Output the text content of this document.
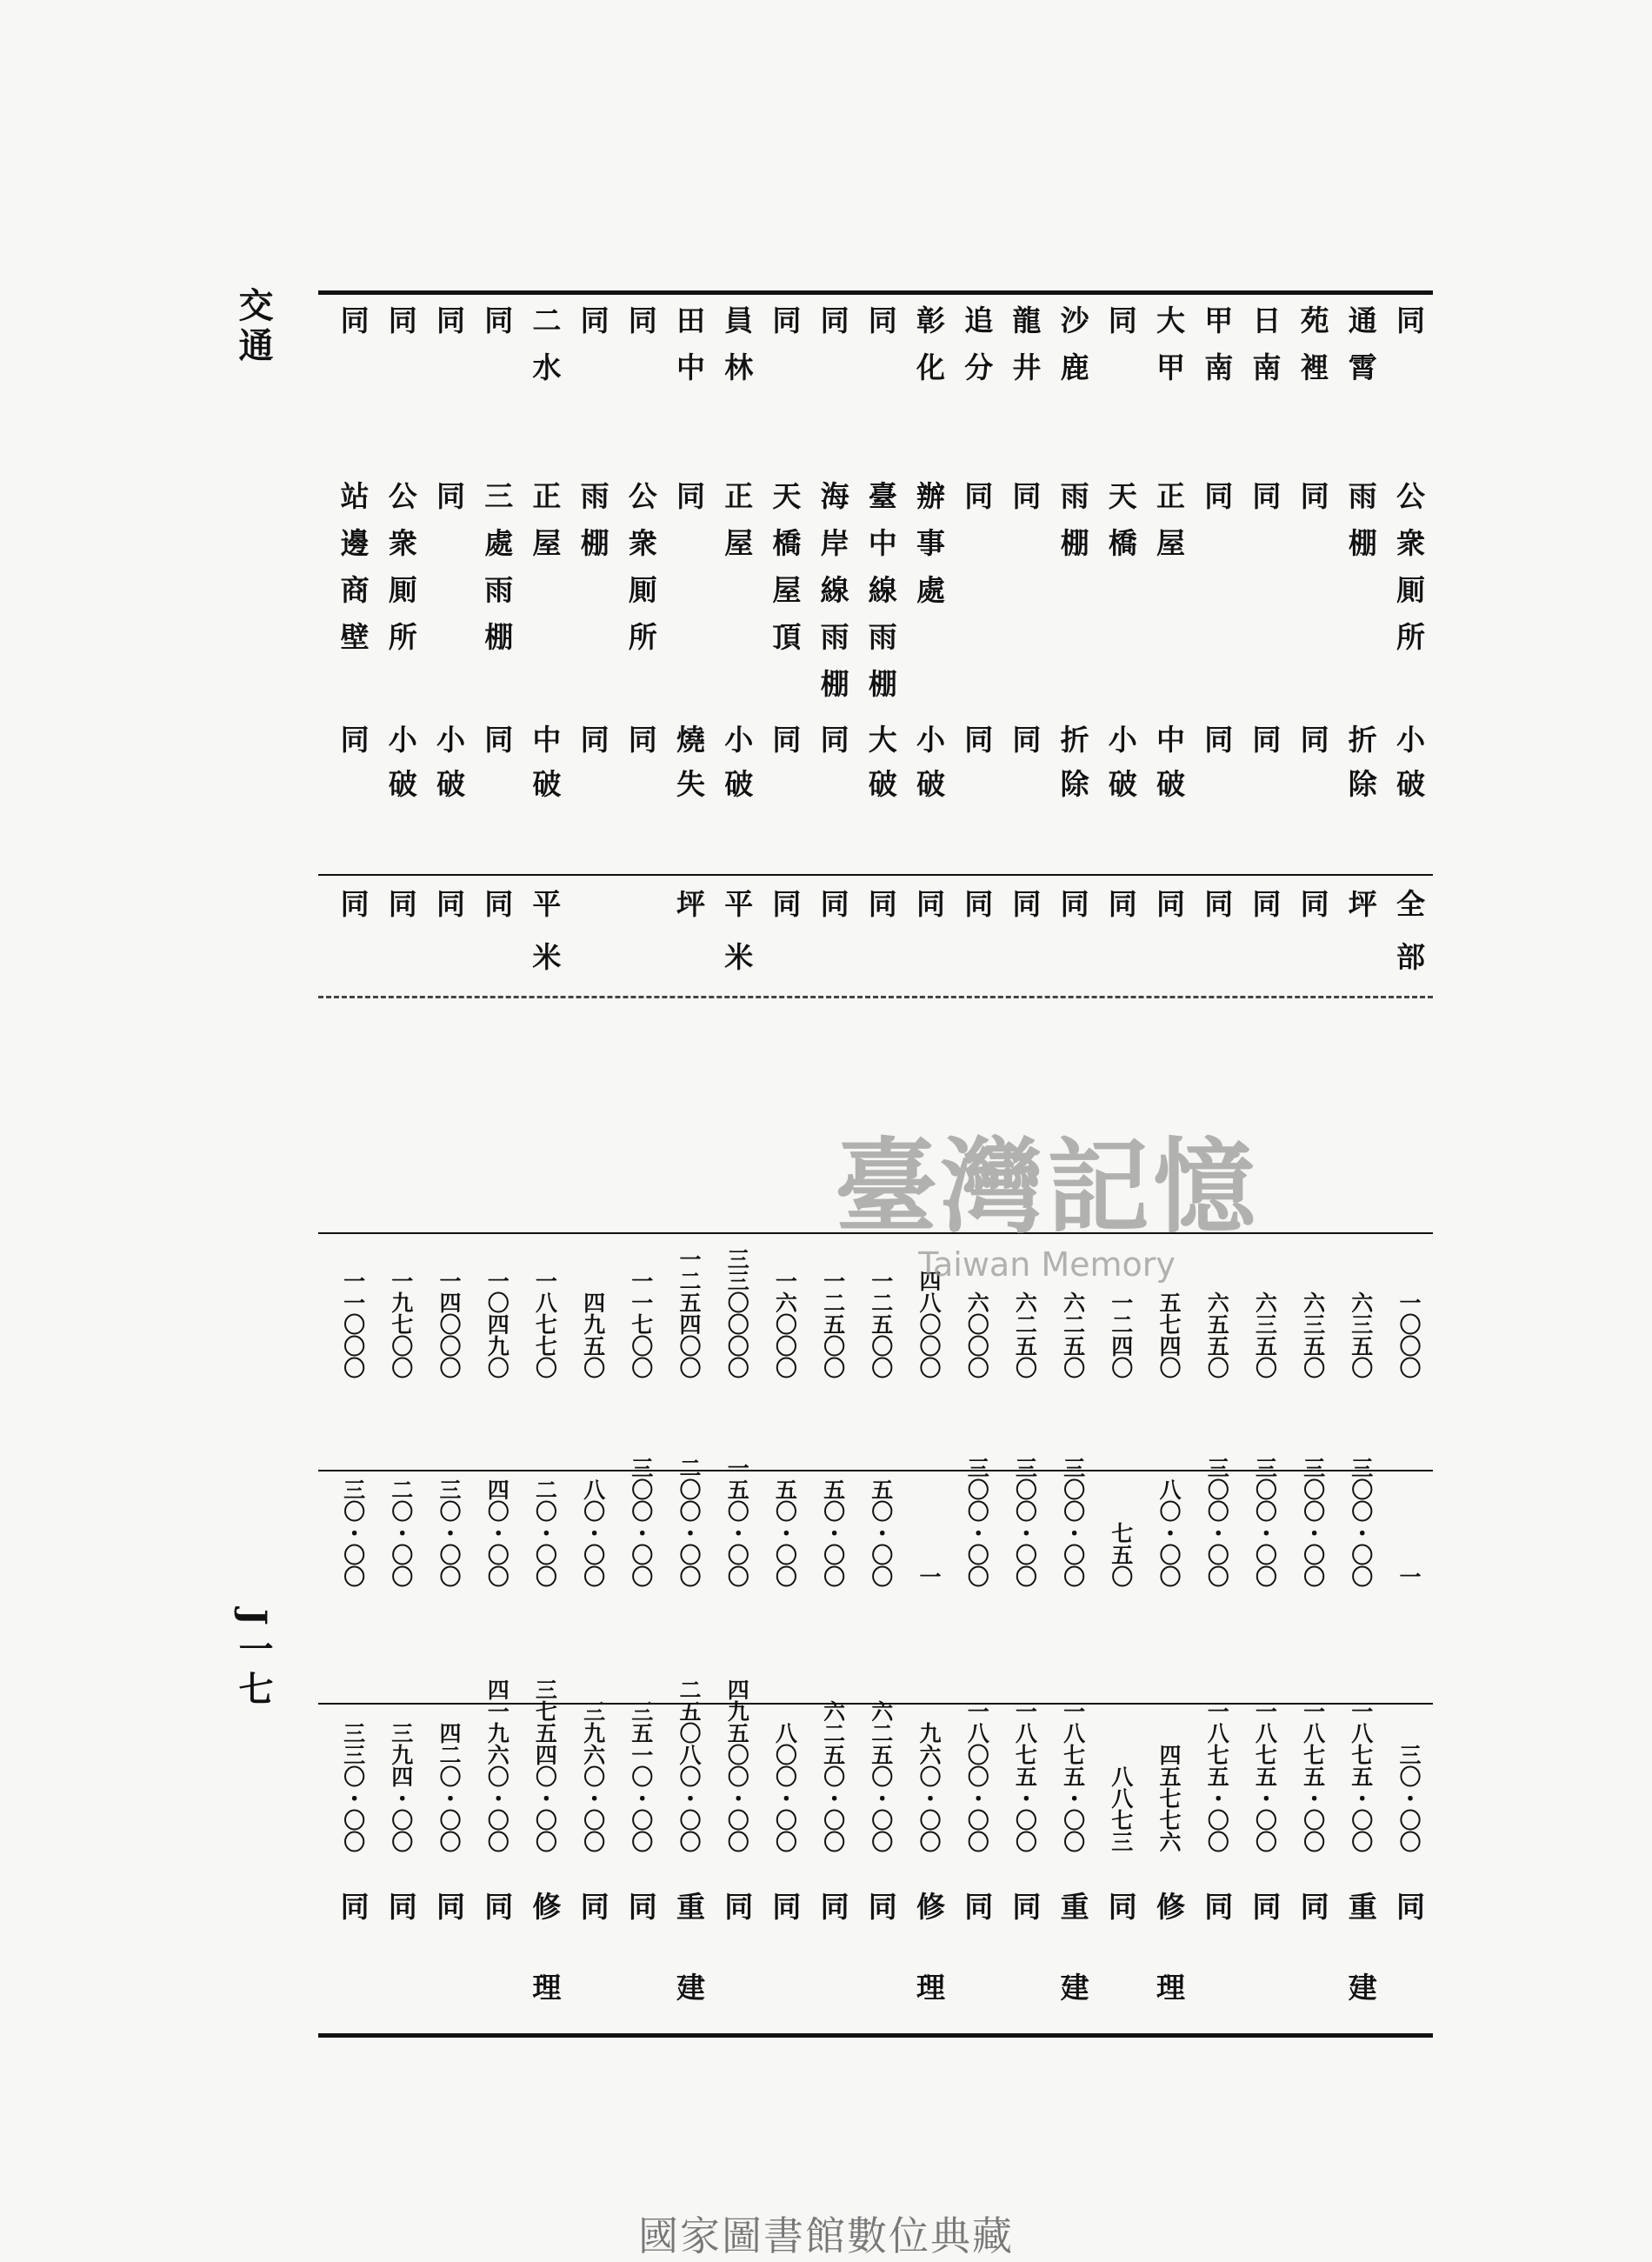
交通
J一七
同
公衆厠所
小破
全部
一〇〇〇
一
三〇・〇〇
同
通霄
雨棚
折除
坪
六三五〇
三〇〇・〇〇
一八七五・〇〇
重建
苑裡
同
同
同
六三五〇
三〇〇・〇〇
一八七五・〇〇
同
日南
同
同
同
六三五〇
三〇〇・〇〇
一八七五・〇〇
同
甲南
同
同
同
六五五〇
三〇〇・〇〇
一八七五・〇〇
同
大甲
正屋
中破
同
五七四〇
八〇・〇〇
四五七七六
修理
同
天橋
小破
同
一二四〇
七五〇
八八七三
同
沙鹿
雨棚
折除
同
六二五〇
三〇〇・〇〇
一八七五・〇〇
重建
龍井
同
同
同
六二五〇
三〇〇・〇〇
一八七五・〇〇
同
追分
同
同
同
六〇〇〇
三〇〇・〇〇
一八〇〇・〇〇
同
彰化
辦事處
小破
同
四八〇〇〇
一
九六〇・〇〇
修理
同
臺中線雨棚
大破
同
一二五〇〇
五〇・〇〇
六二五〇・〇〇
同
同
海岸線雨棚
同
同
一二五〇〇
五〇・〇〇
六二五〇・〇〇
同
同
天橋屋頂
同
同
一六〇〇〇
五〇・〇〇
八〇〇・〇〇
同
員林
正屋
小破
平米
三三〇〇〇〇
一五〇・〇〇
四九五〇〇・〇〇
同
田中
同
燒失
坪
一二五四〇〇
二〇〇・〇〇
二五〇八〇・〇〇
重建
同
公衆厠所
同
一一七〇〇
三〇〇・〇〇
三五一〇・〇〇
同
同
雨棚
同
四九五〇
八〇・〇〇
三九六〇・〇〇
同
二水
正屋
中破
平米
一八七七〇
二〇・〇〇
三七五四〇・〇〇
修理
同
三處雨棚
同
同
一〇四九〇
四〇・〇〇
四一九六〇・〇〇
同
同
同
小破
同
一四〇〇〇
三〇・〇〇
四二〇・〇〇
同
同
公衆厠所
小破
同
一九七〇〇
二〇・〇〇
三九四・〇〇
同
同
站邊商壁
同
同
一一〇〇〇
三〇・〇〇
三三〇・〇〇
同
臺灣記憶
Taiwan Memory
國家圖書館數位典藏
